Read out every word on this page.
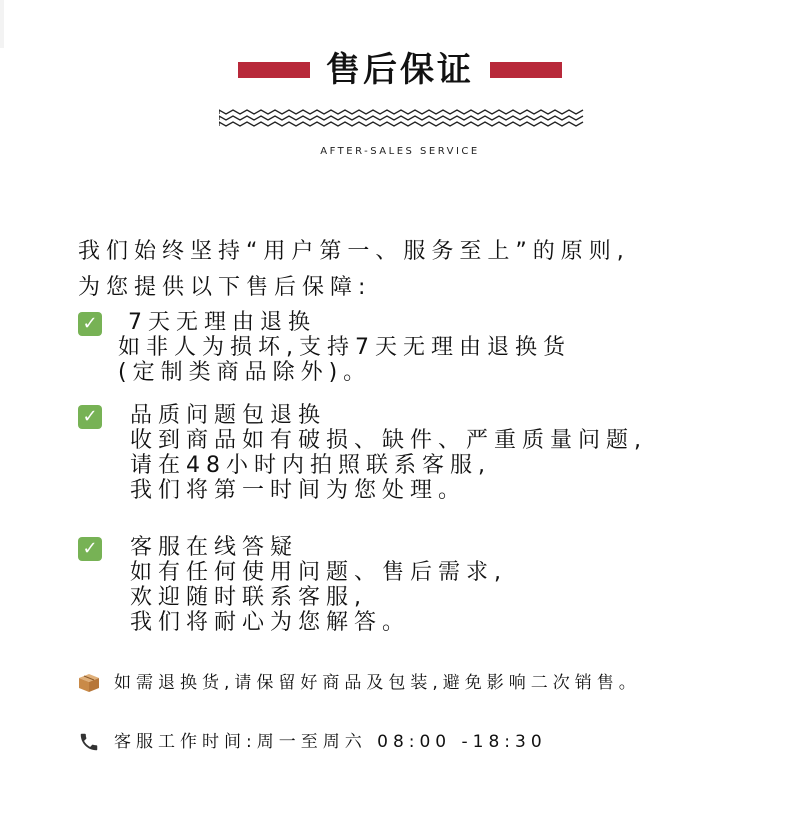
售后保证
AFTER-SALES SERVICE
我们始终坚持“用户第一、服务至上”的原则,
为您提供以下售后保障:
✓ 7天无理由退换
如非人为损坏,支持7天无理由退换货
(定制类商品除外)。
✓ 品质问题包退换
收到商品如有破损、缺件、严重质量问题,
请在48小时内拍照联系客服,
我们将第一时间为您处理。
✓ 客服在线答疑
如有任何使用问题、售后需求,
欢迎随时联系客服,
我们将耐心为您解答。
如需退换货,请保留好商品及包装,避免影响二次销售。
客服工作时间:周一至周六 08:00 -18:30
